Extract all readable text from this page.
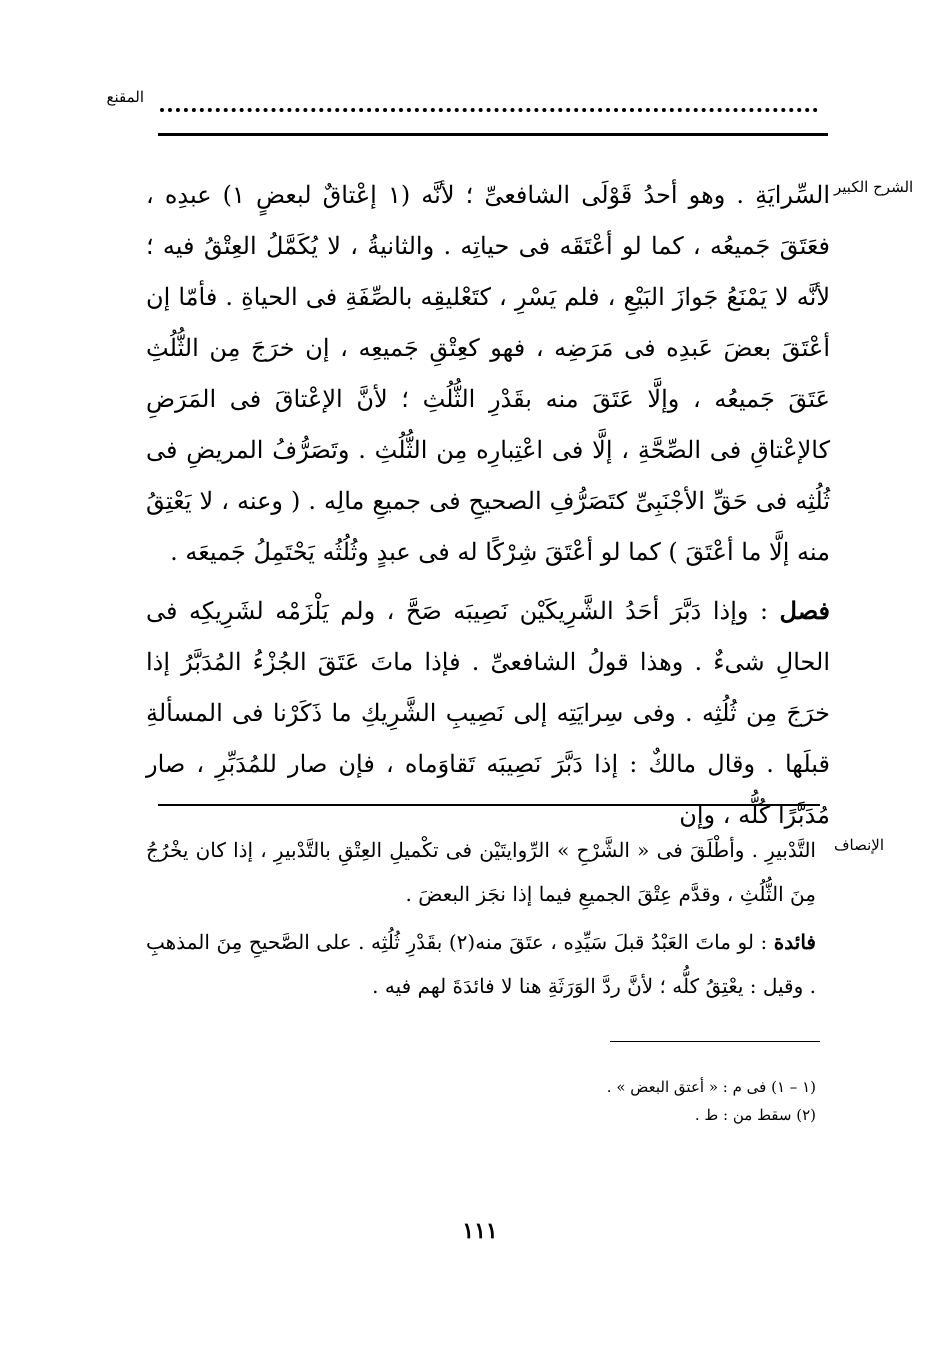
المقنع
الشرح الكبير
السِّرايَةِ . وهو أحدُ قَوْلَى الشافعىِّ ؛ لأنَّه (١ إعْتاقٌ لبعضٍ ١) عبدِه ، فعَتَقَ جَميعُه ، كما لو أعْتَقَه فى حياتِه . والثانيةُ ، لا يُكَمَّلُ العِتْقُ فيه ؛ لأنَّه لا يَمْنَعُ جَوازَ البَيْعِ ، فلم يَسْرِ ، كتَعْليقِه بالصِّفَةِ فى الحياةِ . فأمّا إن أعْتَقَ بعضَ عَبدِه فى مَرَضِه ، فهو كعِتْقِ جَميعِه ، إن خرَجَ مِن الثُّلُثِ عَتَقَ جَميعُه ، وإلَّا عَتَقَ منه بقَدْرِ الثُّلُثِ ؛ لأنَّ الإعْتاقَ فى المَرَضِ كالإعْتاقِ فى الصِّحَّةِ ، إلَّا فى اعْتِبارِه مِن الثُّلُثِ . وتَصَرُّفُ المريضِ فى ثُلُثِه فى حَقِّ الأجْنَبِىِّ كتَصَرُّفِ الصحيحِ فى جميعِ مالِه . ( وعنه ، لا يَعْتِقُ منه إلَّا ما أعْتَقَ ) كما لو أعْتَقَ شِرْكًا له فى عبدٍ وثُلُثُه يَحْتَمِلُ جَميعَه .
فصل : وإذا دَبَّرَ أحَدُ الشَّرِيكَيْن نَصِيبَه صَحَّ ، ولم يَلْزَمْه لشَرِيكِه فى الحالِ شىءٌ . وهذا قولُ الشافعىِّ . فإذا ماتَ عَتَقَ الجُزْءُ المُدَبَّرُ إذا خرَجَ مِن ثُلُثِه . وفى سِرايَتِه إلى نَصِيبِ الشَّرِيكِ ما ذَكَرْنا فى المسألةِ قبلَها . وقال مالكٌ : إذا دَبَّرَ نَصِيبَه تَقاوَماه ، فإن صار للمُدَبِّرِ ، صار مُدَبَّرًا كُلُّه ، وإن
الإنصاف
التَّدْبيرِ . وأطْلَقَ فى « الشَّرْحِ » الرِّوايتَيْن فى تكْميلِ العِتْقِ بالتَّدْبيرِ ، إذا كان يخْرُجُ مِنَ الثُّلُثِ ، وقدَّم عِتْقَ الجميعِ فيما إذا نجَز البعضَ .
فائدة : لو ماتَ العَبْدُ قبلَ سَيِّدِه ، عتَقَ منه(٢) بقَدْرِ ثُلُثِه . على الصَّحيحِ مِنَ المذهبِ . وقيل : يعْتِقُ كلُّه ؛ لأنَّ ردَّ الوَرَثَةِ هنا لا فائدَةَ لهم فيه .
(١ – ١) فى م : « أعتق البعض » .
(٢) سقط من : ط .
١١١
